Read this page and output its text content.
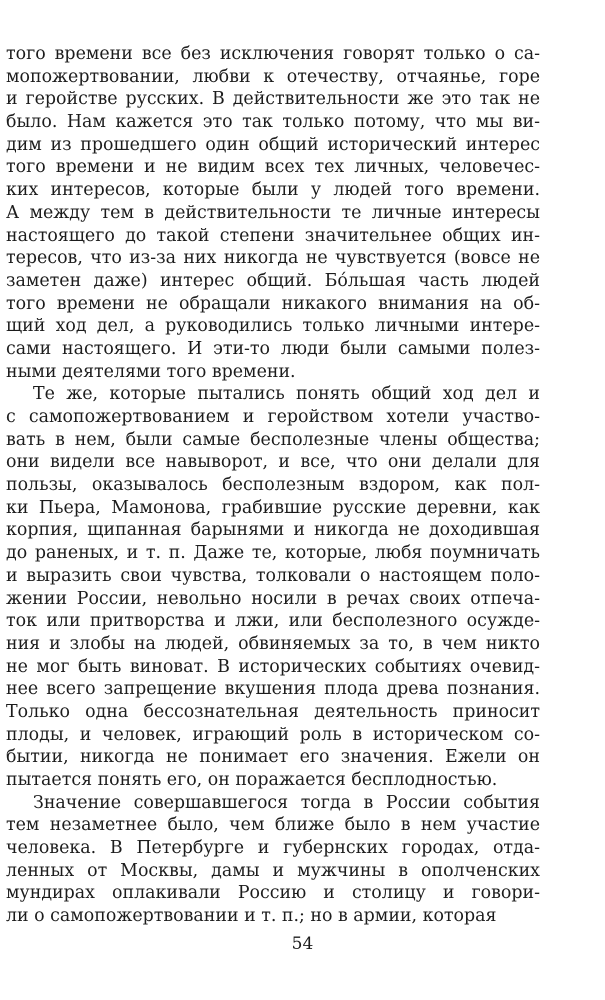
того времени все без исключения говорят только о са-
мопожертвовании, любви к отечеству, отчаянье, горе
и геройстве русских. В действительности же это так не
было. Нам кажется это так только потому, что мы ви-
дим из прошедшего один общий исторический интерес
того времени и не видим всех тех личных, человечес-
ких интересов, которые были у людей того времени.
А между тем в действительности те личные интересы
настоящего до такой степени значительнее общих ин-
тересов, что из-за них никогда не чувствуется (вовсе не
заметен даже) интерес общий. Бо́льшая часть людей
того времени не обращали никакого внимания на об-
щий ход дел, а руководились только личными интере-
сами настоящего. И эти-то люди были самыми полез-
ными деятелями того времени.
Те же, которые пытались понять общий ход дел и
с самопожертвованием и геройством хотели участво-
вать в нем, были самые бесполезные члены общества;
они видели все навыворот, и все, что они делали для
пользы, оказывалось бесполезным вздором, как пол-
ки Пьера, Мамонова, грабившие русские деревни, как
корпия, щипанная барынями и никогда не доходившая
до раненых, и т. п. Даже те, которые, любя поумничать
и выразить свои чувства, толковали о настоящем поло-
жении России, невольно носили в речах своих отпеча-
ток или притворства и лжи, или бесполезного осужде-
ния и злобы на людей, обвиняемых за то, в чем никто
не мог быть виноват. В исторических событиях очевид-
нее всего запрещение вкушения плода древа познания.
Только одна бессознательная деятельность приносит
плоды, и человек, играющий роль в историческом со-
бытии, никогда не понимает его значения. Ежели он
пытается понять его, он поражается бесплодностью.
Значение совершавшегося тогда в России события
тем незаметнее было, чем ближе было в нем участие
человека. В Петербурге и губернских городах, отда-
ленных от Москвы, дамы и мужчины в ополченских
мундирах оплакивали Россию и столицу и говори-
ли о самопожертвовании и т. п.; но в армии, которая
54
